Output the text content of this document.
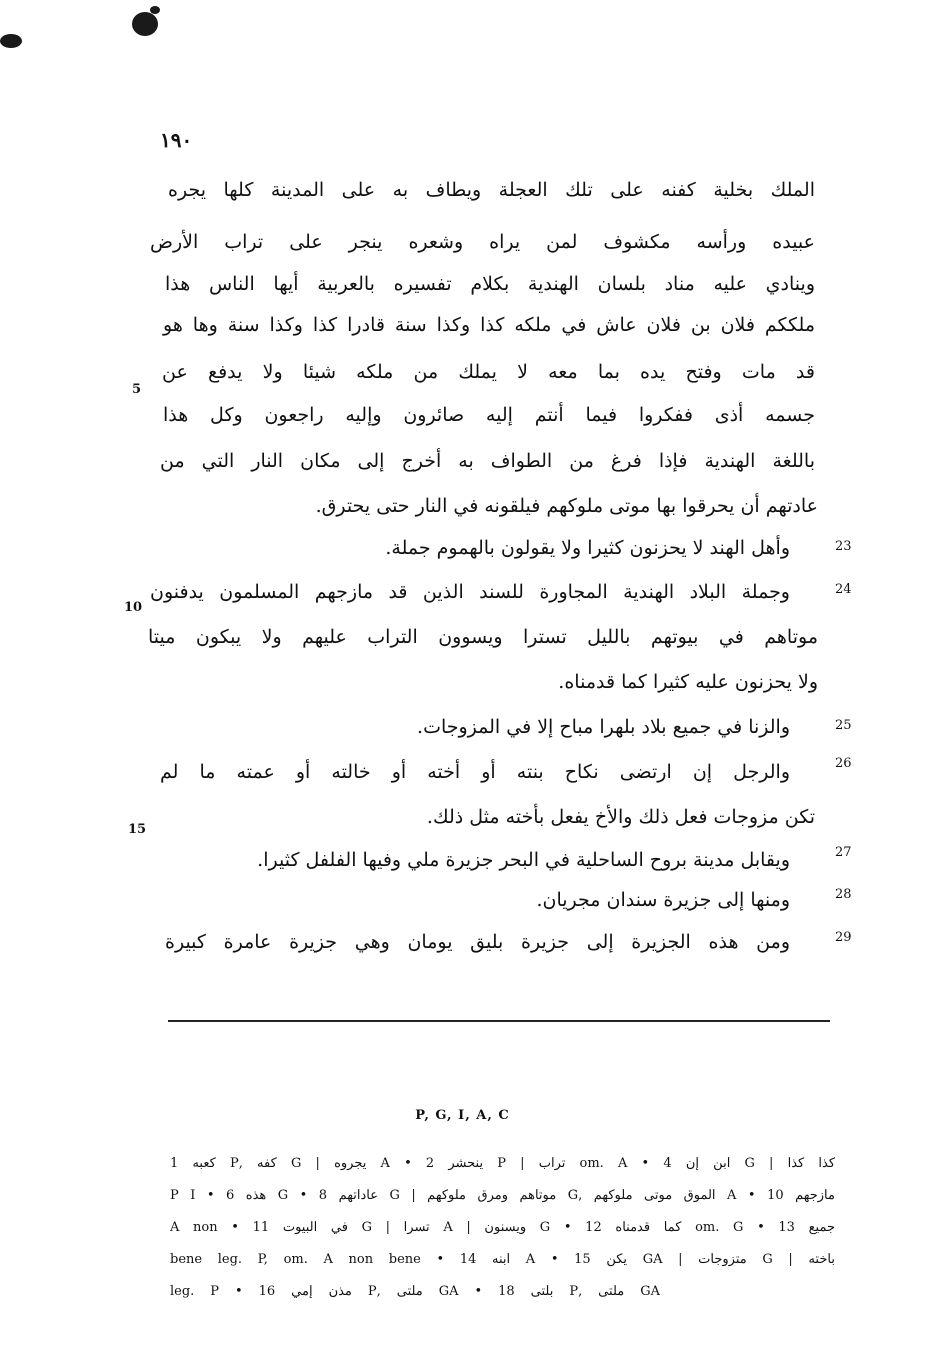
١٩٠
الملك بخلية كفنه على تلك العجلة ويطاف به على المدينة كلها يجره
عبيده ورأسه مكشوف لمن يراه وشعره ينجر على تراب الأرض
وينادي عليه مناد بلسان الهندية بكلام تفسيره بالعربية أيها الناس هذا
ملككم فلان بن فلان عاش في ملكه كذا وكذا سنة قادرا كذا وكذا سنة وها هو
قد مات وفتح يده بما معه لا يملك من ملكه شيئا ولا يدفع عن
جسمه أذى ففكروا فيما أنتم إليه صائرون وإليه راجعون وكل هذا
باللغة الهندية فإذا فرغ من الطواف به أخرج إلى مكان النار التي من
عادتهم أن يحرقوا بها موتى ملوكهم فيلقونه في النار حتى يحترق.
وأهل الهند لا يحزنون كثيرا ولا يقولون بالهموم جملة.
وجملة البلاد الهندية المجاورة للسند الذين قد مازجهم المسلمون يدفنون
موتاهم في بيوتهم بالليل تسترا ويسوون التراب عليهم ولا يبكون ميتا
ولا يحزنون عليه كثيرا كما قدمناه.
والزنا في جميع بلاد بلهرا مباح إلا في المزوجات.
والرجل إن ارتضى نكاح بنته أو أخته أو خالته أو عمته ما لم
تكن مزوجات فعل ذلك والأخ يفعل بأخته مثل ذلك.
ويقابل مدينة بروح الساحلية في البحر جزيرة ملي وفيها الفلفل كثيرا.
ومنها إلى جزيرة سندان مجريان.
ومن هذه الجزيرة إلى جزيرة بليق يومان وهي جزيرة عامرة كبيرة
23
24
25
26
27
28
29
5
10
15
P, G, I, A, C
كذا كذا | G ابن إن 4 • om. A تراب | P ينحشر 2 • A يجروه | G كفه ,P كعبه 1
مازجهم 10 • A الموق موتى ملوكهم ,G موتاهم ومرق ملوكهم | G عاداتهم 8 • G هذه 6 • P I
جميع 13 • om. G كما قدمناه 12 • G ويسنون | A تسرا | G في البيوت 11 • A non
بأخته | G متزوجات | GA يكن 15 • A ابنه 14 • bene leg. P, om. A non bene
GA ملتى ,P بلتى 18 • GA ملتى ,P مذن إمي 16 • leg. P
